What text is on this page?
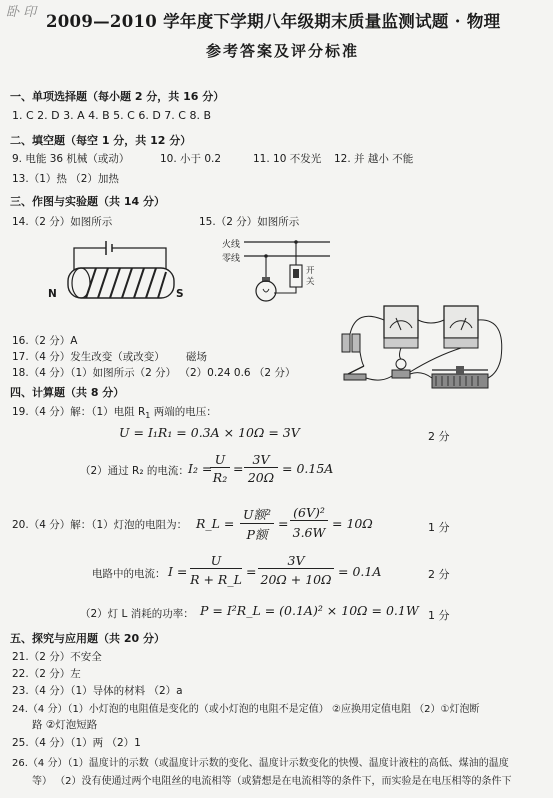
卧 印 2009—2010 学年度下学期八年级期末质量监测试题 · 物理
参考答案及评分标准
一、单项选择题（每小题 2 分，共 16 分）
1. C 2. D 3. A 4. B 5. C 6. D 7. C 8. B
二、填空题（每空 1 分，共 12 分）
9. 电能 36 机械（或动）	10. 小于 0.2	11. 10 不发光 12. 并 越小 不能
13.（1）热 （2）加热
三、作图与实验题（共 14 分）
14.（2 分）如图所示	15.（2 分）如图所示
N	S
火线
零线
开
关
16.（2 分）A
17.（4 分）发生改变（或改变） 磁场
18.（4 分）（1）如图所示（2 分） （2）0.24 0.6 （2 分）
四、计算题（共 8 分）
19.（4 分）解：（1）电阻 $R_1$ 两端的电压：
U = I₁R₁ = 0.3A × 10Ω = 3V	2 分
（2）通过 R₂ 的电流： I₂ =
U
R₂
=
3V
20Ω
= 0.15A
20.（4 分）解：（1）灯泡的电阻为： R_L =
U额²
P额
=
(6V)²
3.6W
= 10Ω	1 分
电路中的电流： I =
U
R + R_L
=
3V
20Ω + 10Ω
= 0.1A	2 分
（2）灯 L 消耗的功率： P = I²R_L = (0.1A)² × 10Ω = 0.1W 1 分
五、探究与应用题（共 20 分）
21.（2 分）不安全
22.（2 分）左
23.（4 分）（1）导体的材料 （2）a
24.（4 分）（1）小灯泡的电阻值是变化的（或小灯泡的电阻不是定值） ②应换用定值电阻 （2）①灯泡断
路 ②灯泡短路
25.（4 分）（1）两 （2）1
26.（4 分）（1）温度计的示数（或温度计示数的变化、温度计示数变化的快慢、温度计液柱的高低、煤油的温度
等） （2）没有使通过两个电阻丝的电流相等（或猜想是在电流相等的条件下，而实验是在电压相等的条件下
